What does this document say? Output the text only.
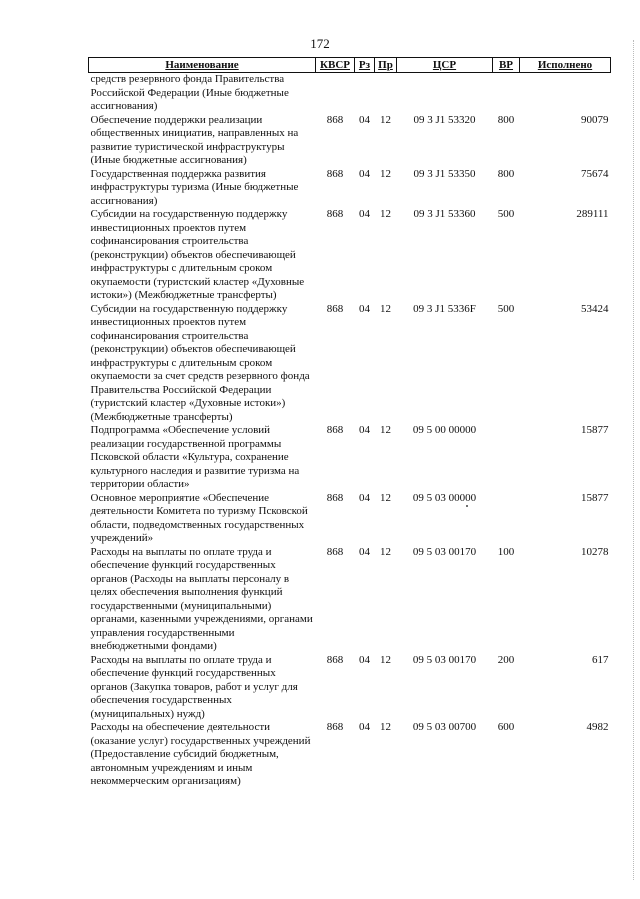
172
Наименование	КВСР	Рз	Пр	ЦСР	ВР	Исполнено
средств резервного фонда Правительства Российской Федерации (Иные бюджетные ассигнования)						
Обеспечение поддержки реализации общественных инициатив, направленных на развитие туристической инфраструктуры (Иные бюджетные ассигнования)	868	04	12	09 3 J1 53320	800	90079
Государственная поддержка развития инфраструктуры туризма (Иные бюджетные ассигнования)	868	04	12	09 3 J1 53350	800	75674
Субсидии на государственную поддержку инвестиционных проектов путем софинансирования строительства (реконструкции) объектов обеспечивающей инфраструктуры с длительным сроком окупаемости (туристский кластер «Духовные истоки») (Межбюджетные трансферты)	868	04	12	09 3 J1 53360	500	289111
Субсидии на государственную поддержку инвестиционных проектов путем софинансирования строительства (реконструкции) объектов обеспечивающей инфраструктуры с длительным сроком окупаемости за счет средств резервного фонда Правительства Российской Федерации (туристский кластер «Духовные истоки») (Межбюджетные трансферты)	868	04	12	09 3 J1 5336F	500	53424
Подпрограмма «Обеспечение условий реализации государственной программы Псковской области «Культура, сохранение культурного наследия и развитие туризма на территории области»	868	04	12	09 5 00 00000		15877
Основное мероприятие «Обеспечение деятельности Комитета по туризму Псковской области, подведомственных государственных учреждений»	868	04	12	09 5 03 00000		15877
Расходы на выплаты по оплате труда и обеспечение функций государственных органов (Расходы на выплаты персоналу в целях обеспечения выполнения функций государственными (муниципальными) органами, казенными учреждениями, органами управления государственными внебюджетными фондами)	868	04	12	09 5 03 00170	100	10278
Расходы на выплаты по оплате труда и обеспечение функций государственных органов (Закупка товаров, работ и услуг для обеспечения государственных (муниципальных) нужд)	868	04	12	09 5 03 00170	200	617
Расходы на обеспечение деятельности (оказание услуг) государственных учреждений (Предоставление субсидий бюджетным, автономным учреждениям и иным некоммерческим организациям)	868	04	12	09 5 03 00700	600	4982
